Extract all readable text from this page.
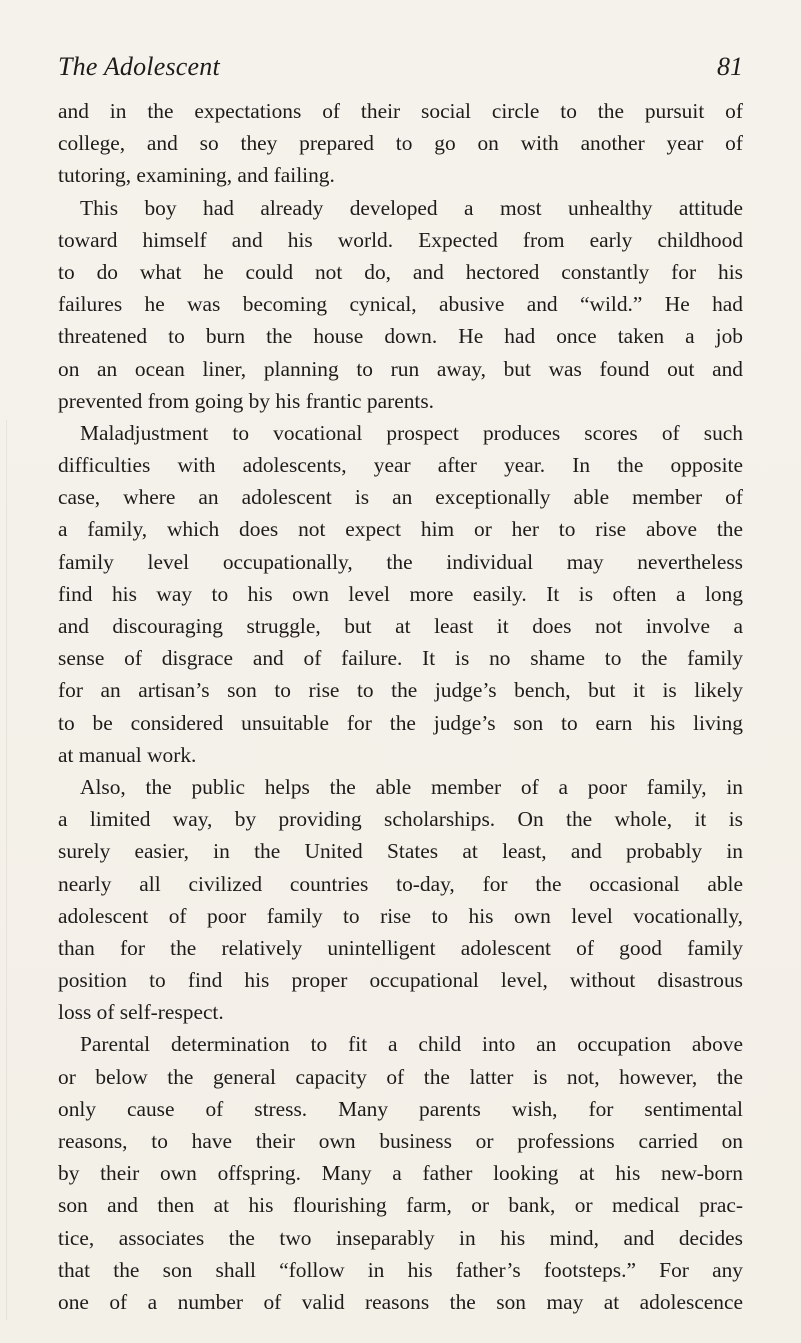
The Adolescent	81
and in the expectations of their social circle to the pursuit of
college, and so they prepared to go on with another year of
tutoring, examining, and failing.
This boy had already developed a most unhealthy attitude
toward himself and his world. Expected from early childhood
to do what he could not do, and hectored constantly for his
failures he was becoming cynical, abusive and “wild.” He had
threatened to burn the house down. He had once taken a job
on an ocean liner, planning to run away, but was found out and
prevented from going by his frantic parents.
Maladjustment to vocational prospect produces scores of such
difficulties with adolescents, year after year. In the opposite
case, where an adolescent is an exceptionally able member of
a family, which does not expect him or her to rise above the
family level occupationally, the individual may nevertheless
find his way to his own level more easily. It is often a long
and discouraging struggle, but at least it does not involve a
sense of disgrace and of failure. It is no shame to the family
for an artisan’s son to rise to the judge’s bench, but it is likely
to be considered unsuitable for the judge’s son to earn his living
at manual work.
Also, the public helps the able member of a poor family, in
a limited way, by providing scholarships. On the whole, it is
surely easier, in the United States at least, and probably in
nearly all civilized countries to-day, for the occasional able
adolescent of poor family to rise to his own level vocationally,
than for the relatively unintelligent adolescent of good family
position to find his proper occupational level, without disastrous
loss of self-respect.
Parental determination to fit a child into an occupation above
or below the general capacity of the latter is not, however, the
only cause of stress. Many parents wish, for sentimental
reasons, to have their own business or professions carried on
by their own offspring. Many a father looking at his new-born
son and then at his flourishing farm, or bank, or medical prac-
tice, associates the two inseparably in his mind, and decides
that the son shall “follow in his father’s footsteps.” For any
one of a number of valid reasons the son may at adolescence
